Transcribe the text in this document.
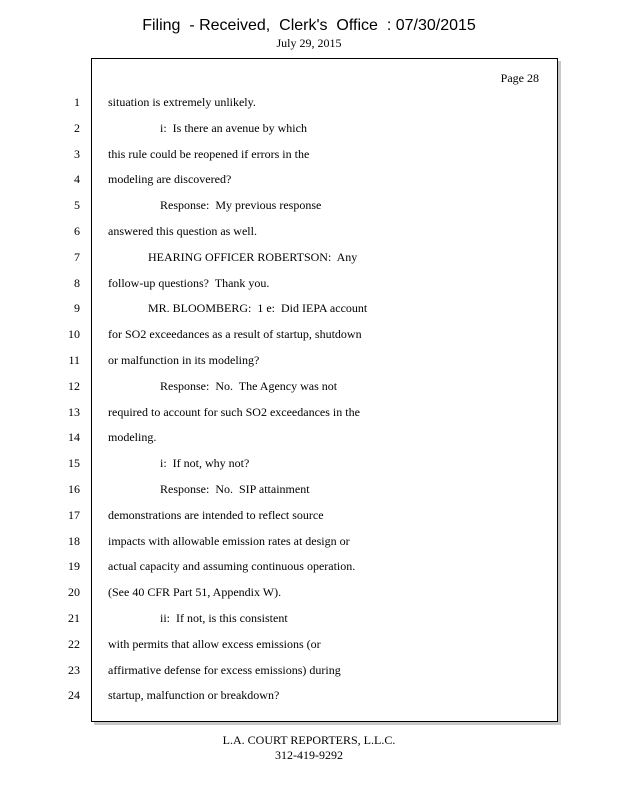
Filing  - Received,  Clerk's  Office  : 07/30/2015
July 29, 2015
Page 28
1 situation is extremely unlikely.
2	i:  Is there an avenue by which
3 this rule could be reopened if errors in the
4 modeling are discovered?
5	Response:  My previous response
6 answered this question as well.
7	HEARING OFFICER ROBERTSON:  Any
8 follow-up questions?  Thank you.
9	MR. BLOOMBERG:  1 e:  Did IEPA account
10 for SO2 exceedances as a result of startup, shutdown
11 or malfunction in its modeling?
12	Response:  No.  The Agency was not
13 required to account for such SO2 exceedances in the
14 modeling.
15	i:  If not, why not?
16	Response:  No.  SIP attainment
17 demonstrations are intended to reflect source
18 impacts with allowable emission rates at design or
19 actual capacity and assuming continuous operation.
20 (See 40 CFR Part 51, Appendix W).
21	ii:  If not, is this consistent
22 with permits that allow excess emissions (or
23 affirmative defense for excess emissions) during
24 startup, malfunction or breakdown?
L.A. COURT REPORTERS, L.L.C.
312-419-9292
